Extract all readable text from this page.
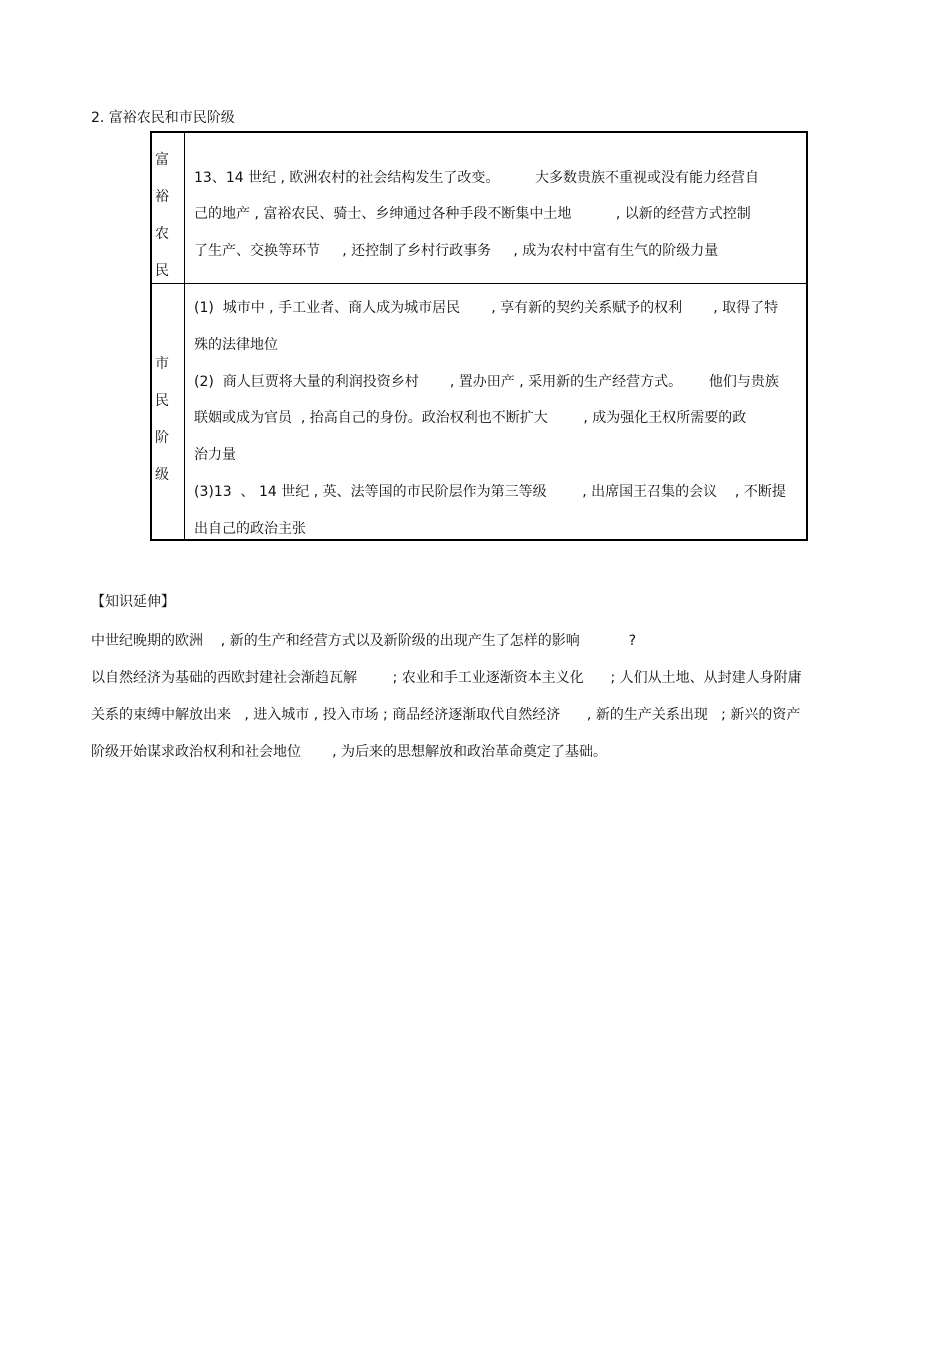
2. 富裕农民和市民阶级
富
裕
农
民
13、14 世纪 , 欧洲农村的社会结构发生了改变。        大多数贵族不重视或没有能力经营自
己的地产 , 富裕农民、骑士、乡绅通过各种手段不断集中土地          , 以新的经营方式控制
了生产、交换等环节     , 还控制了乡村行政事务     , 成为农村中富有生气的阶级力量
市
民
阶
级
(1)  城市中 , 手工业者、商人成为城市居民       , 享有新的契约关系赋予的权利       , 取得了特
殊的法律地位
(2)  商人巨贾将大量的利润投资乡村       , 置办田产 , 采用新的生产经营方式。      他们与贵族
联姻或成为官员  , 抬高自己的身份。政治权利也不断扩大        , 成为强化王权所需要的政
治力量
(3)13  、 14 世纪 , 英、法等国的市民阶层作为第三等级        , 出席国王召集的会议    , 不断提
出自己的政治主张
【知识延伸】
中世纪晚期的欧洲    , 新的生产和经营方式以及新阶级的出现产生了怎样的影响           ?
以自然经济为基础的西欧封建社会渐趋瓦解        ; 农业和手工业逐渐资本主义化      ; 人们从土地、从封建人身附庸
关系的束缚中解放出来   , 进入城市 , 投入市场 ; 商品经济逐渐取代自然经济      , 新的生产关系出现   ; 新兴的资产
阶级开始谋求政治权利和社会地位       , 为后来的思想解放和政治革命奠定了基础。
